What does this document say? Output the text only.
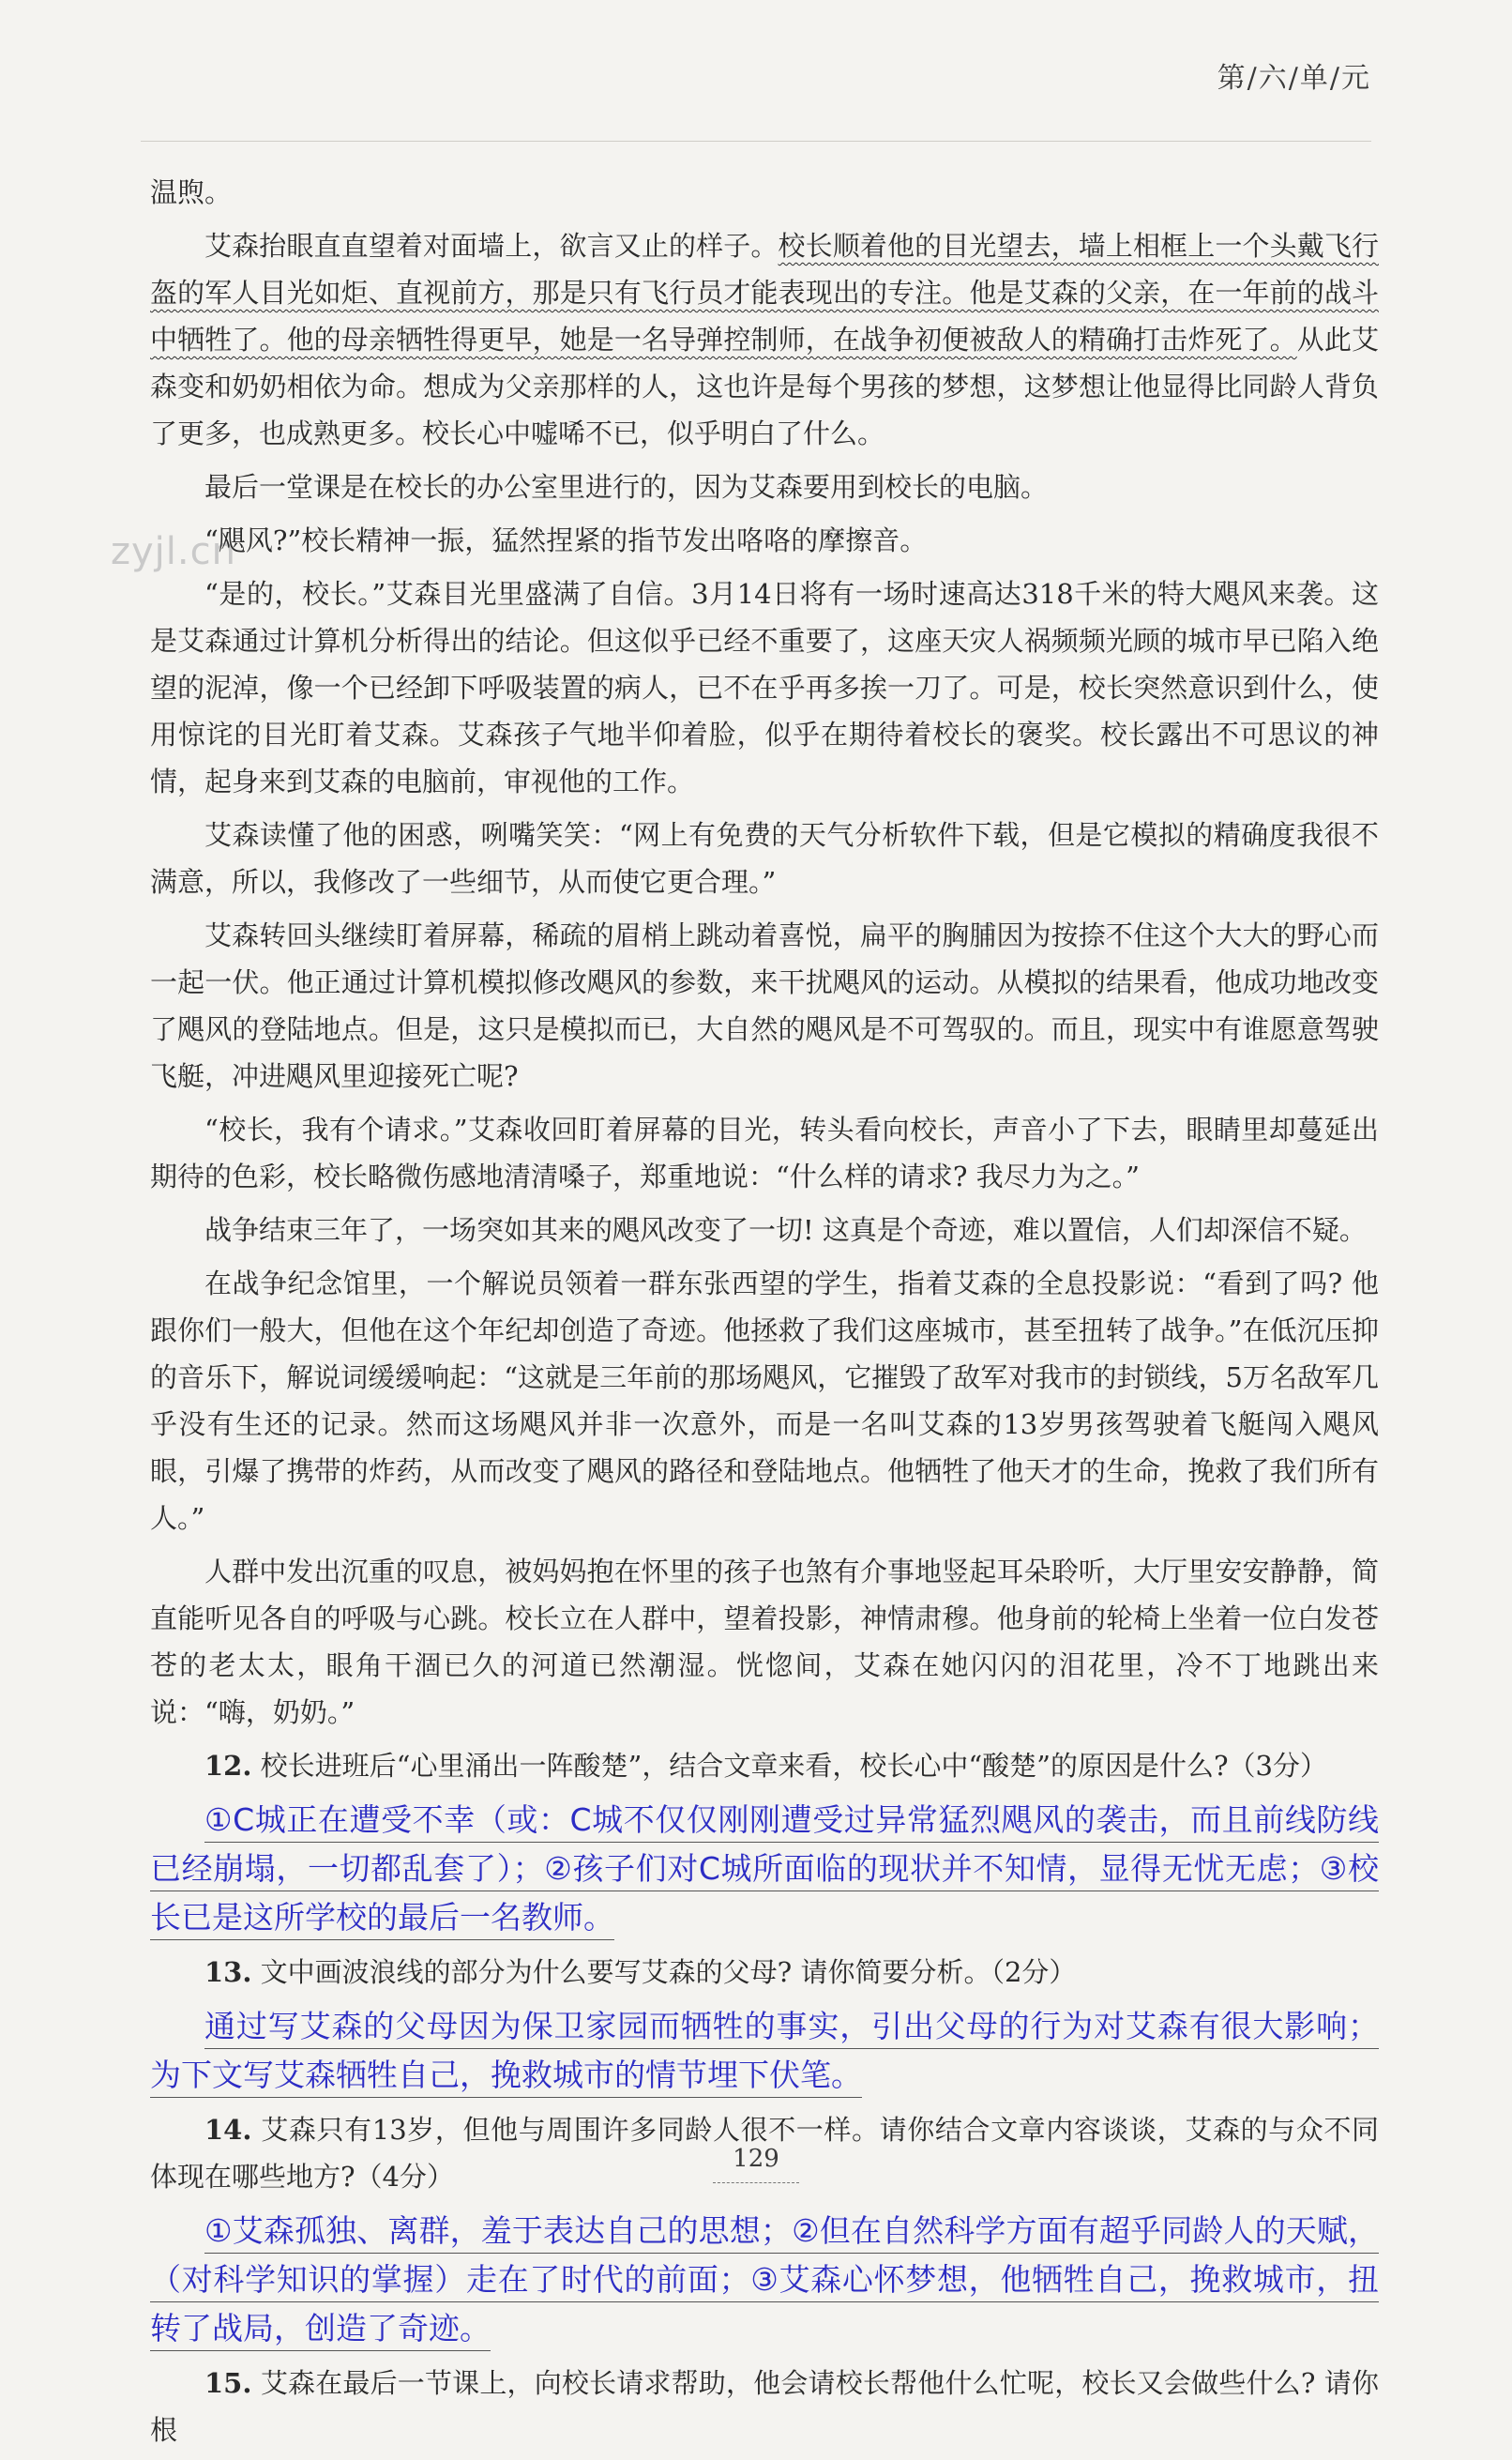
第/六/单/元
zyjl.cn

温煦。

艾森抬眼直直望着对面墙上，欲言又止的样子。校长顺着他的目光望去，墙上相框上一个头戴飞行盔的军人目光如炬、直视前方，那是只有飞行员才能表现出的专注。他是艾森的父亲，在一年前的战斗中牺牲了。他的母亲牺牲得更早，她是一名导弹控制师，在战争初便被敌人的精确打击炸死了。从此艾森变和奶奶相依为命。想成为父亲那样的人，这也许是每个男孩的梦想，这梦想让他显得比同龄人背负了更多，也成熟更多。校长心中嘘唏不已，似乎明白了什么。

最后一堂课是在校长的办公室里进行的，因为艾森要用到校长的电脑。

“飓风?”校长精神一振，猛然捏紧的指节发出咯咯的摩擦音。

“是的，校长。”艾森目光里盛满了自信。3月14日将有一场时速高达318千米的特大飓风来袭。这是艾森通过计算机分析得出的结论。但这似乎已经不重要了，这座天灾人祸频频光顾的城市早已陷入绝望的泥淖，像一个已经卸下呼吸装置的病人，已不在乎再多挨一刀了。可是，校长突然意识到什么，使用惊诧的目光盯着艾森。艾森孩子气地半仰着脸，似乎在期待着校长的褒奖。校长露出不可思议的神情，起身来到艾森的电脑前，审视他的工作。

艾森读懂了他的困惑，咧嘴笑笑：“网上有免费的天气分析软件下载，但是它模拟的精确度我很不满意，所以，我修改了一些细节，从而使它更合理。”

艾森转回头继续盯着屏幕，稀疏的眉梢上跳动着喜悦，扁平的胸脯因为按捺不住这个大大的野心而一起一伏。他正通过计算机模拟修改飓风的参数，来干扰飓风的运动。从模拟的结果看，他成功地改变了飓风的登陆地点。但是，这只是模拟而已，大自然的飓风是不可驾驭的。而且，现实中有谁愿意驾驶飞艇，冲进飓风里迎接死亡呢?

“校长，我有个请求。”艾森收回盯着屏幕的目光，转头看向校长，声音小了下去，眼睛里却蔓延出期待的色彩，校长略微伤感地清清嗓子，郑重地说：“什么样的请求? 我尽力为之。”

战争结束三年了，一场突如其来的飓风改变了一切! 这真是个奇迹，难以置信，人们却深信不疑。

在战争纪念馆里，一个解说员领着一群东张西望的学生，指着艾森的全息投影说：“看到了吗? 他跟你们一般大，但他在这个年纪却创造了奇迹。他拯救了我们这座城市，甚至扭转了战争。”在低沉压抑的音乐下，解说词缓缓响起：“这就是三年前的那场飓风，它摧毁了敌军对我市的封锁线，5万名敌军几乎没有生还的记录。然而这场飓风并非一次意外，而是一名叫艾森的13岁男孩驾驶着飞艇闯入飓风眼，引爆了携带的炸药，从而改变了飓风的路径和登陆地点。他牺牲了他天才的生命，挽救了我们所有人。”

人群中发出沉重的叹息，被妈妈抱在怀里的孩子也煞有介事地竖起耳朵聆听，大厅里安安静静，简直能听见各自的呼吸与心跳。校长立在人群中，望着投影，神情肃穆。他身前的轮椅上坐着一位白发苍苍的老太太，眼角干涸已久的河道已然潮湿。恍惚间，艾森在她闪闪的泪花里，冷不丁地跳出来说：“嗨，奶奶。”

12. 校长进班后“心里涌出一阵酸楚”，结合文章来看，校长心中“酸楚”的原因是什么?（3分）

①C城正在遭受不幸（或：C城不仅仅刚刚遭受过异常猛烈飓风的袭击，而且前线防线已经崩塌，一切都乱套了）；②孩子们对C城所面临的现状并不知情，显得无忧无虑；③校长已是这所学校的最后一名教师。

13. 文中画波浪线的部分为什么要写艾森的父母? 请你简要分析。（2分）

通过写艾森的父母因为保卫家园而牺牲的事实，引出父母的行为对艾森有很大影响；为下文写艾森牺牲自己，挽救城市的情节埋下伏笔。

14. 艾森只有13岁，但他与周围许多同龄人很不一样。请你结合文章内容谈谈，艾森的与众不同体现在哪些地方?（4分）

①艾森孤独、离群，羞于表达自己的思想；②但在自然科学方面有超乎同龄人的天赋，（对科学知识的掌握）走在了时代的前面；③艾森心怀梦想，他牺牲自己，挽救城市，扭转了战局，创造了奇迹。

15. 艾森在最后一节课上，向校长请求帮助，他会请校长帮他什么忙呢，校长又会做些什么? 请你根

129
